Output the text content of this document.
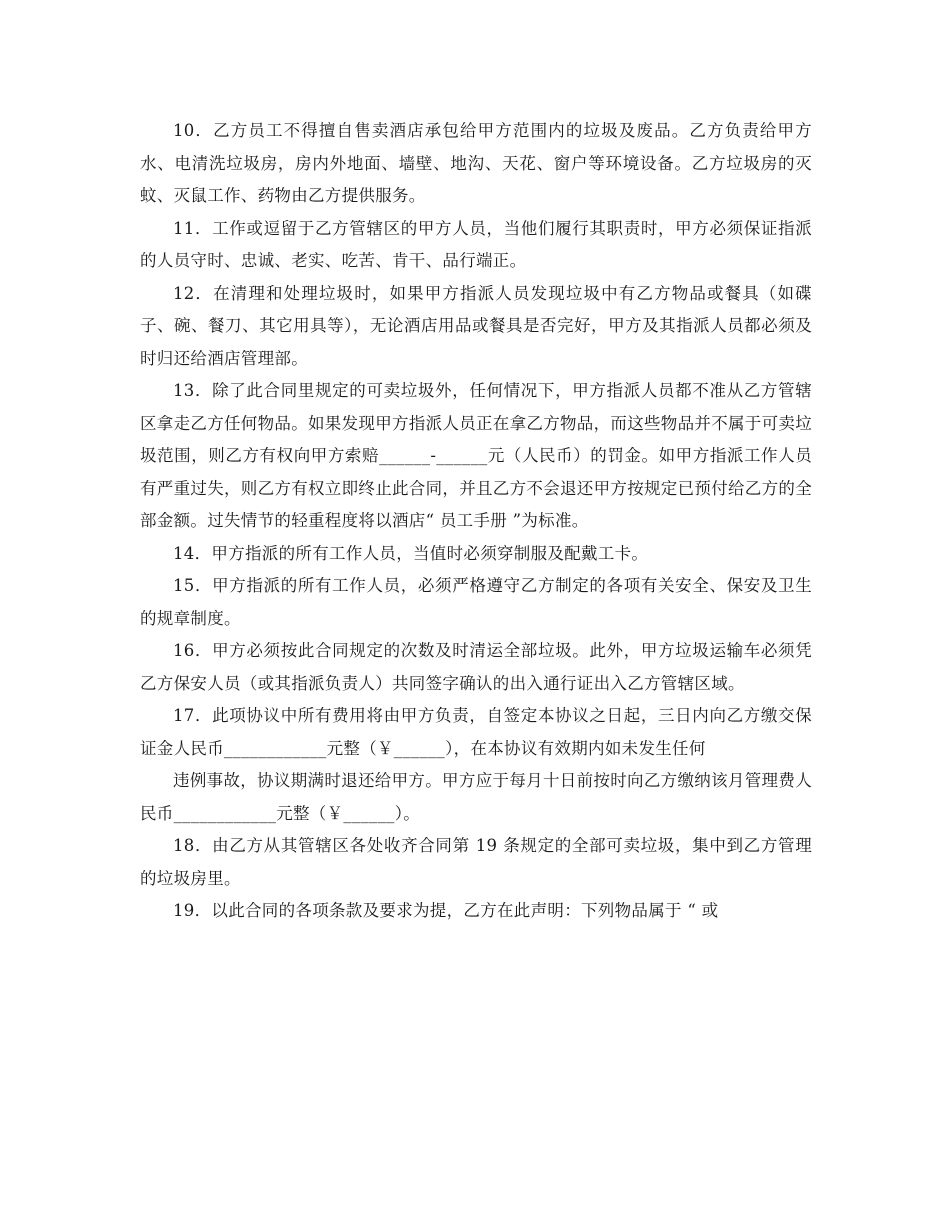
10．乙方员工不得擅自售卖酒店承包给甲方范围内的垃圾及废品。乙方负责给甲方水、电清洗垃圾房，房内外地面、墙壁、地沟、天花、窗户等环境设备。乙方垃圾房的灭蚊、灭鼠工作、药物由乙方提供服务。

11．工作或逗留于乙方管辖区的甲方人员，当他们履行其职责时，甲方必须保证指派的人员守时、忠诚、老实、吃苦、肯干、品行端正。

12．在清理和处理垃圾时，如果甲方指派人员发现垃圾中有乙方物品或餐具（如碟子、碗、餐刀、其它用具等），无论酒店用品或餐具是否完好，甲方及其指派人员都必须及时归还给酒店管理部。

13．除了此合同里规定的可卖垃圾外，任何情况下，甲方指派人员都不准从乙方管辖区拿走乙方任何物品。如果发现甲方指派人员正在拿乙方物品，而这些物品并不属于可卖垃圾范围，则乙方有权向甲方索赔______-______元（人民币）的罚金。如甲方指派工作人员有严重过失，则乙方有权立即终止此合同，并且乙方不会退还甲方按规定已预付给乙方的全部金额。过失情节的轻重程度将以酒店“ 员工手册 ”为标准。

14．甲方指派的所有工作人员，当值时必须穿制服及配戴工卡。

15．甲方指派的所有工作人员，必须严格遵守乙方制定的各项有关安全、保安及卫生的规章制度。

16．甲方必须按此合同规定的次数及时清运全部垃圾。此外，甲方垃圾运输车必须凭乙方保安人员（或其指派负责人）共同签字确认的出入通行证出入乙方管辖区域。

17．此项协议中所有费用将由甲方负责，自签定本协议之日起，三日内向乙方缴交保证金人民币____________元整（￥______），在本协议有效期内如未发生任何

违例事故，协议期满时退还给甲方。甲方应于每月十日前按时向乙方缴纳该月管理费人民币____________元整（￥______）。

18．由乙方从其管辖区各处收齐合同第 19 条规定的全部可卖垃圾，集中到乙方管理的垃圾房里。

19．以此合同的各项条款及要求为提，乙方在此声明：下列物品属于 “ 或
